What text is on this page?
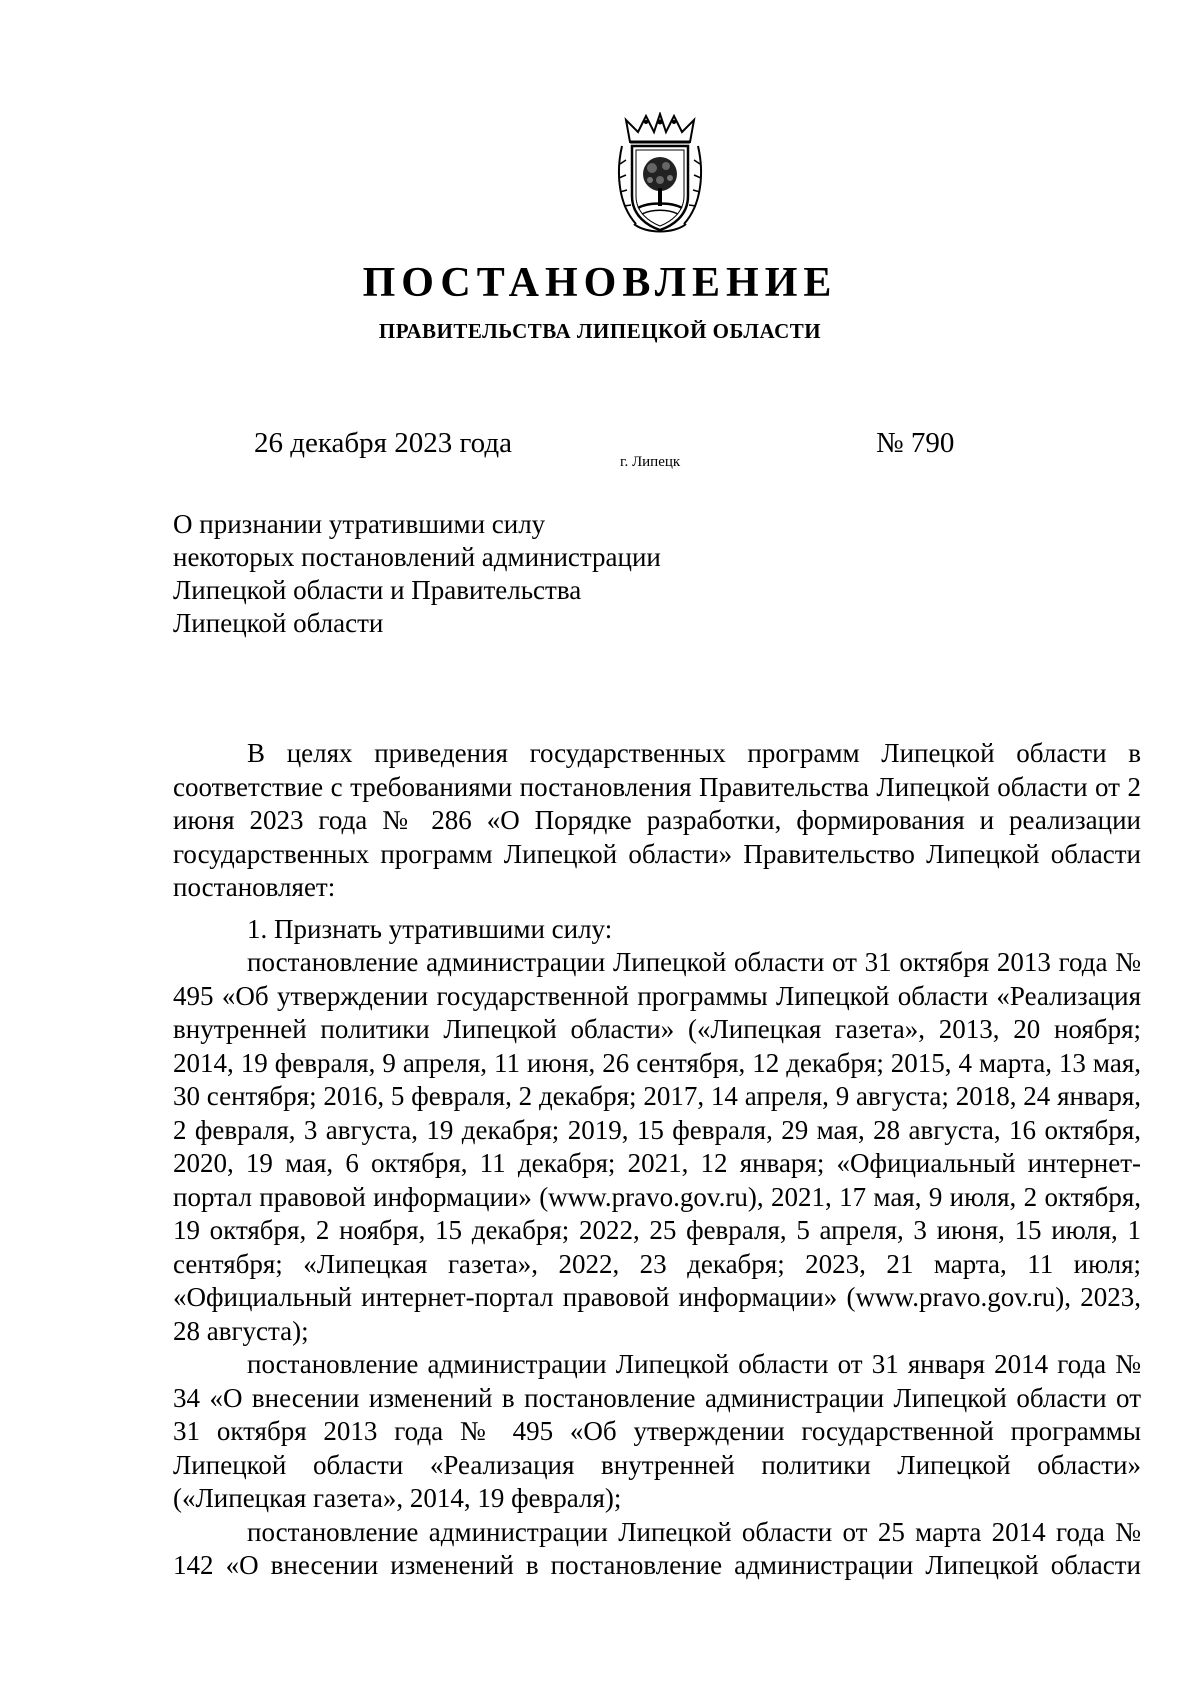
ПОСТАНОВЛЕНИЕ
ПРАВИТЕЛЬСТВА ЛИПЕЦКОЙ ОБЛАСТИ
26 декабря 2023 года
г. Липецк
№ 790
О признании утратившими силу
некоторых постановлений администрации
Липецкой области и Правительства
Липецкой области

В целях приведения государственных программ Липецкой области в соответствие с требованиями постановления Правительства Липецкой области от 2 июня 2023 года № 286 «О Порядке разработки, формирования и реализации государственных программ Липецкой области» Правительство Липецкой области постановляет:

1. Признать утратившими силу:

постановление администрации Липецкой области от 31 октября 2013 года № 495 «Об утверждении государственной программы Липецкой области «Реализация внутренней политики Липецкой области» («Липецкая газета», 2013, 20 ноября; 2014, 19 февраля, 9 апреля, 11 июня, 26 сентября, 12 декабря; 2015, 4 марта, 13 мая, 30 сентября; 2016, 5 февраля, 2 декабря; 2017, 14 апреля, 9 августа; 2018, 24 января, 2 февраля, 3 августа, 19 декабря; 2019, 15 февраля, 29 мая, 28 августа, 16 октября, 2020, 19 мая, 6 октября, 11 декабря; 2021, 12 января; «Официальный интернет-портал правовой информации» (www.pravo.gov.ru), 2021, 17 мая, 9 июля, 2 октября, 19 октября, 2 ноября, 15 декабря; 2022, 25 февраля, 5 апреля, 3 июня, 15 июля, 1 сентября; «Липецкая газета», 2022, 23 декабря; 2023, 21 марта, 11 июля; «Официальный интернет-портал правовой информации» (www.pravo.gov.ru), 2023, 28 августа);

постановление администрации Липецкой области от 31 января 2014 года № 34 «О внесении изменений в постановление администрации Липецкой области от 31 октября 2013 года № 495 «Об утверждении государственной программы Липецкой области «Реализация внутренней политики Липецкой области» («Липецкая газета», 2014, 19 февраля);

постановление администрации Липецкой области от 25 марта 2014 года № 142 «О внесении изменений в постановление администрации Липецкой области
